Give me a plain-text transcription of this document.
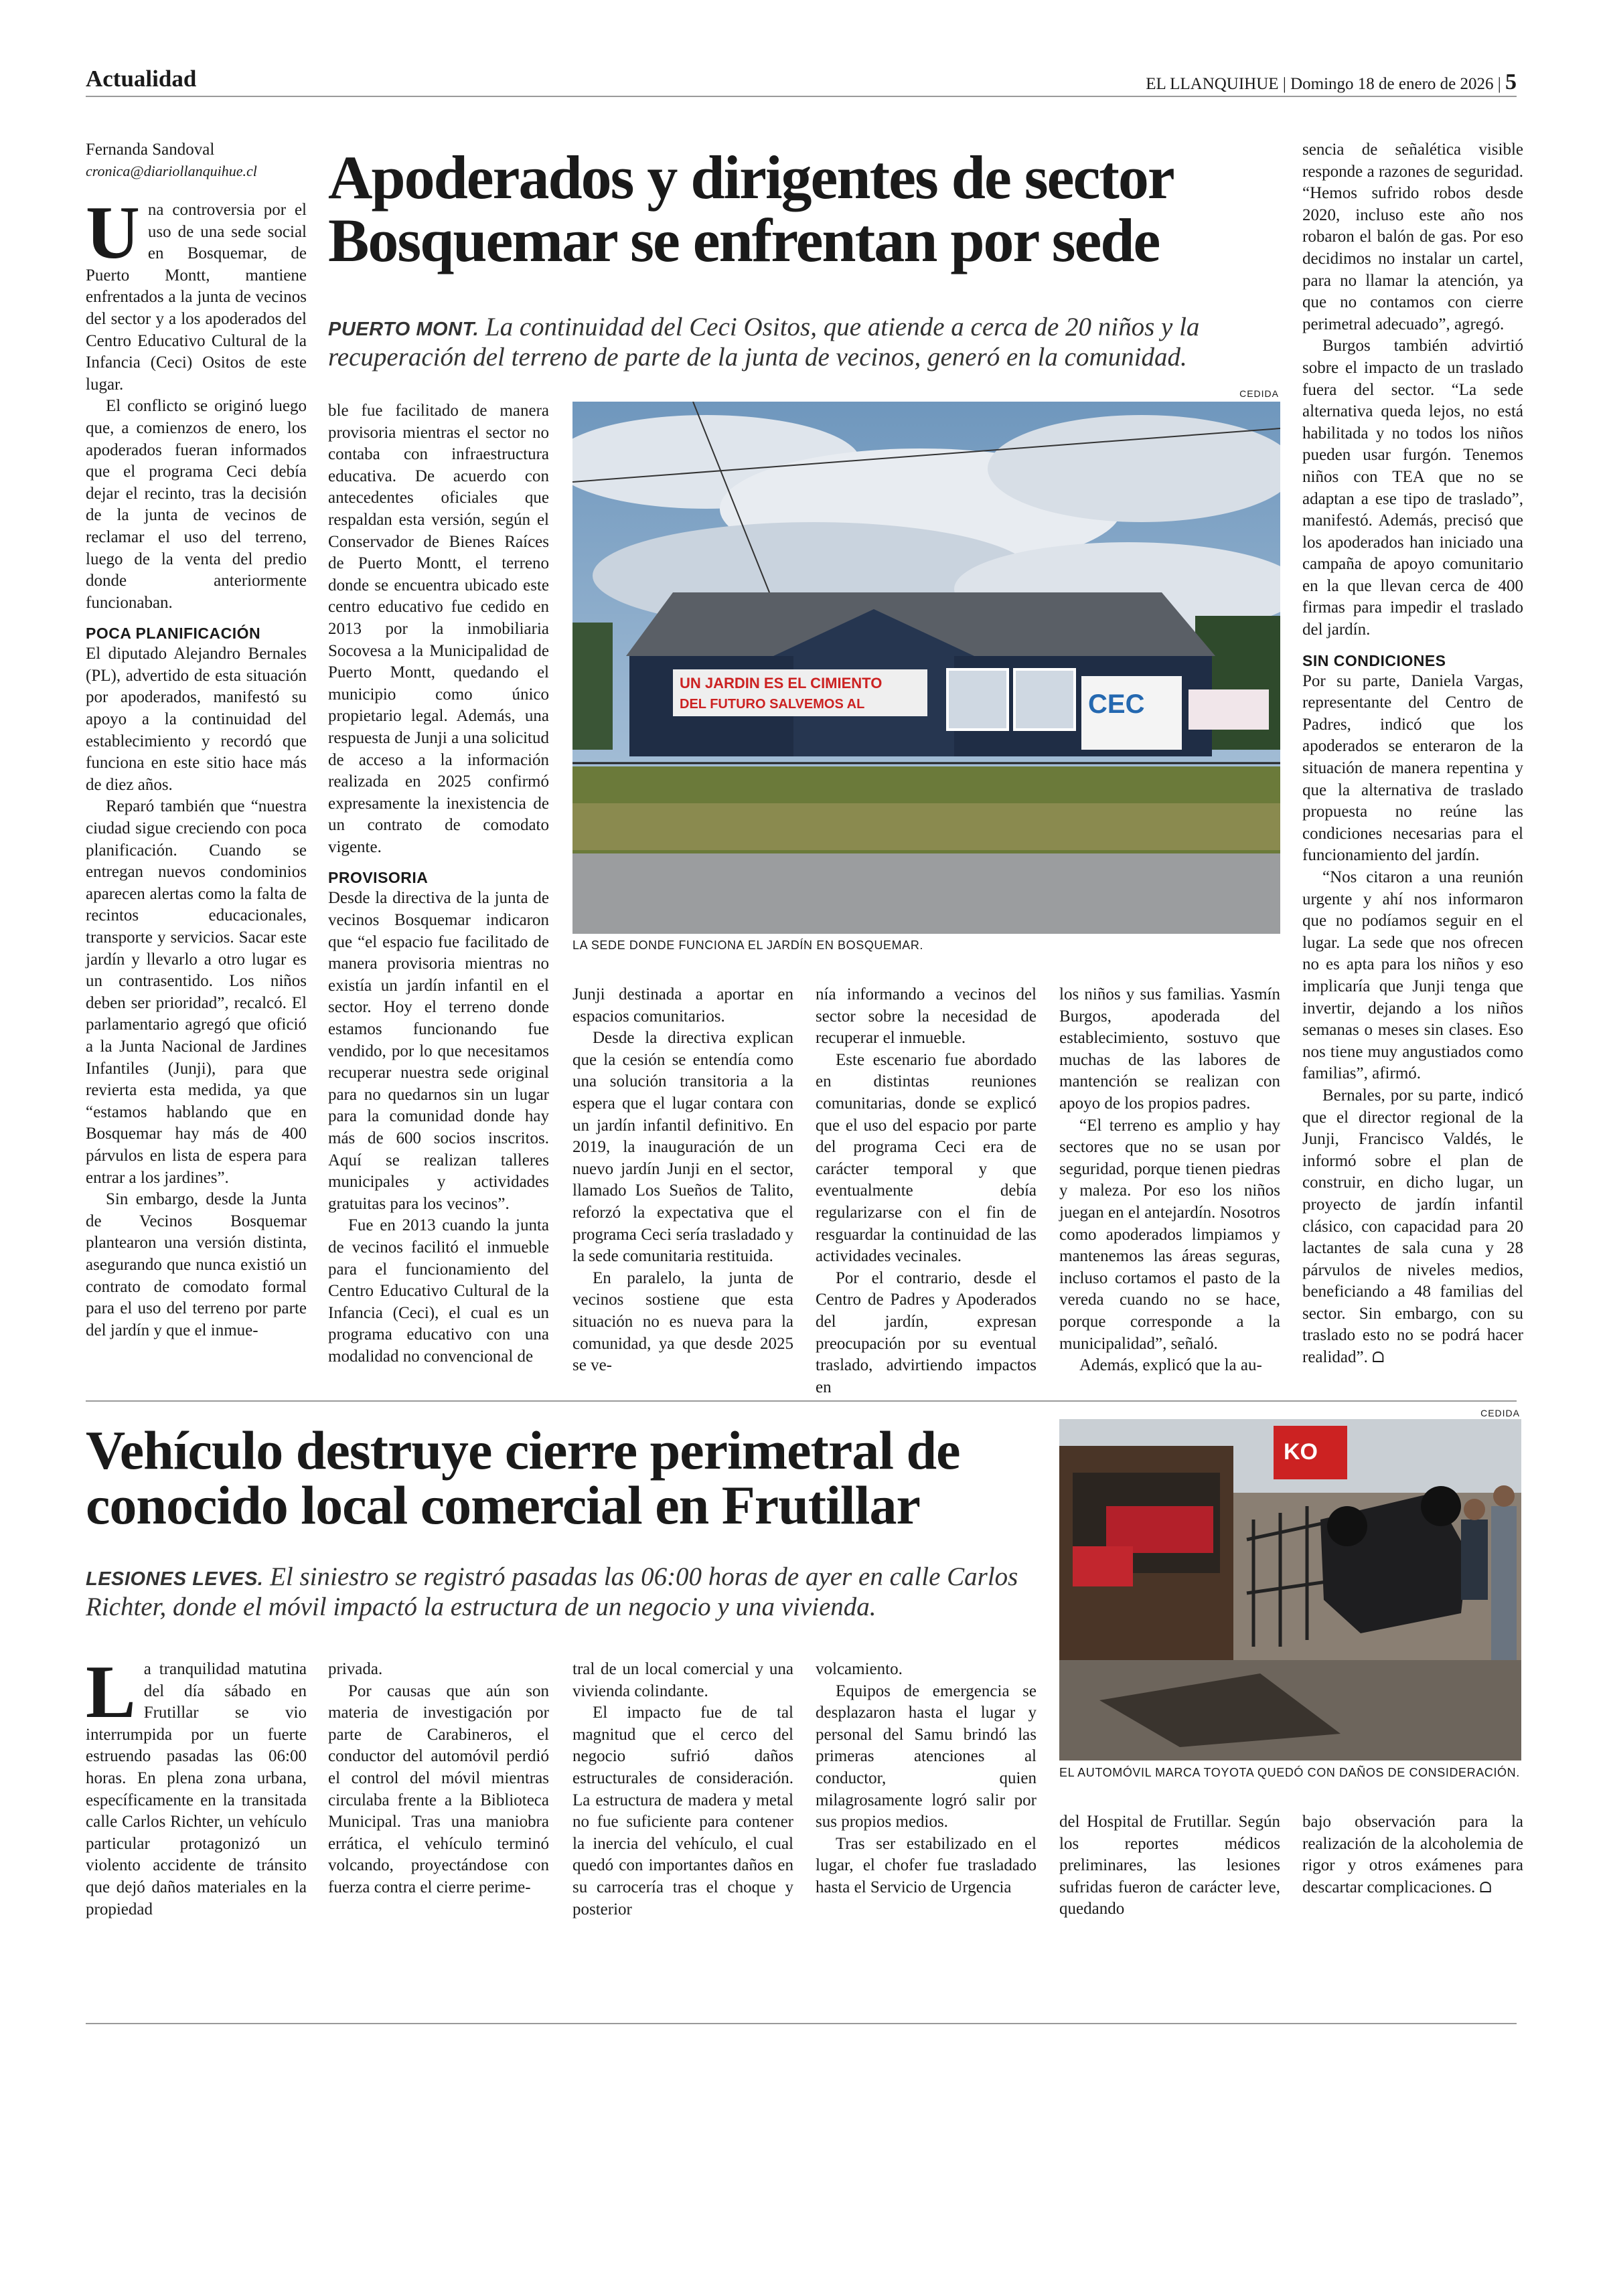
Actualidad	EL LLANQUIHUE | Domingo 18 de enero de 2026 | 5
Fernanda Sandoval
cronica@diariollanquihue.cl	Apoderados y dirigentes de sector
Bosquemar se enfrentan por sede
PUERTO MONT. La continuidad del Ceci Ositos, que atiende a cerca de 20 niños y la recuperación del terreno de parte de la junta de vecinos, generó en la comunidad.
CEDIDA
UN JARDIN ES EL CIMIENTO
DEL FUTURO SALVEMOS AL	CEC
LA SEDE DONDE FUNCIONA EL JARDÍN EN BOSQUEMAR.

Una controversia por el uso de una sede social en Bosquemar, de Puerto Montt, mantiene enfrentados a la junta de vecinos del sector y a los apoderados del Centro Educativo Cultural de la Infancia (Ceci) Ositos de este lugar.

El conflicto se originó luego que, a comienzos de enero, los apoderados fueran informados que el programa Ceci debía dejar el recinto, tras la decisión de la junta de vecinos de reclamar el uso del terreno, luego de la venta del predio donde anteriormente funcionaban.

POCA PLANIFICACIÓN

El diputado Alejandro Bernales (PL), advertido de esta situación por apoderados, manifestó su apoyo a la continuidad del establecimiento y recordó que funciona en este sitio hace más de diez años.

Reparó también que “nuestra ciudad sigue creciendo con poca planificación. Cuando se entregan nuevos condominios aparecen alertas como la falta de recintos educacionales, transporte y servicios. Sacar este jardín y llevarlo a otro lugar es un contrasentido. Los niños deben ser prioridad”, recalcó. El parlamentario agregó que ofició a la Junta Nacional de Jardines Infantiles (Junji), para que revierta esta medida, ya que “estamos hablando que en Bosquemar hay más de 400 párvulos en lista de espera para entrar a los jardines”.

Sin embargo, desde la Junta de Vecinos Bosquemar plantearon una versión distinta, asegurando que nunca existió un contrato de comodato formal para el uso del terreno por parte del jardín y que el inmue-

ble fue facilitado de manera provisoria mientras el sector no contaba con infraestructura educativa. De acuerdo con antecedentes oficiales que respaldan esta versión, según el Conservador de Bienes Raíces de Puerto Montt, el terreno donde se encuentra ubicado este centro educativo fue cedido en 2013 por la inmobiliaria Socovesa a la Municipalidad de Puerto Montt, quedando el municipio como único propietario legal. Además, una respuesta de Junji a una solicitud de acceso a la información realizada en 2025 confirmó expresamente la inexistencia de un contrato de comodato vigente.

PROVISORIA

Desde la directiva de la junta de vecinos Bosquemar indicaron que “el espacio fue facilitado de manera provisoria mientras no existía un jardín infantil en el sector. Hoy el terreno donde estamos funcionando fue vendido, por lo que necesitamos recuperar nuestra sede original para no quedarnos sin un lugar para la comunidad donde hay más de 600 socios inscritos. Aquí se realizan talleres municipales y actividades gratuitas para los vecinos”.

Fue en 2013 cuando la junta de vecinos facilitó el inmueble para el funcionamiento del Centro Educativo Cultural de la Infancia (Ceci), el cual es un programa educativo con una modalidad no convencional de

Junji destinada a aportar en espacios comunitarios.

Desde la directiva explican que la cesión se entendía como una solución transitoria a la espera que el lugar contara con un jardín infantil definitivo. En 2019, la inauguración de un nuevo jardín Junji en el sector, llamado Los Sueños de Talito, reforzó la expectativa que el programa Ceci sería trasladado y la sede comunitaria restituida.

En paralelo, la junta de vecinos sostiene que esta situación no es nueva para la comunidad, ya que desde 2025 se ve-

nía informando a vecinos del sector sobre la necesidad de recuperar el inmueble.

Este escenario fue abordado en distintas reuniones comunitarias, donde se explicó que el uso del espacio por parte del programa Ceci era de carácter temporal y que eventualmente debía regularizarse con el fin de resguardar la continuidad de las actividades vecinales.

Por el contrario, desde el Centro de Padres y Apoderados del jardín, expresan preocupación por su eventual traslado, advirtiendo impactos en

los niños y sus familias. Yasmín Burgos, apoderada del establecimiento, sostuvo que muchas de las labores de mantención se realizan con apoyo de los propios padres.

“El terreno es amplio y hay sectores que no se usan por seguridad, porque tienen piedras y maleza. Por eso los niños juegan en el antejardín. Nosotros como apoderados limpiamos y mantenemos las áreas seguras, incluso cortamos el pasto de la vereda cuando no se hace, porque corresponde a la municipalidad”, señaló.

Además, explicó que la au-

sencia de señalética visible responde a razones de seguridad. “Hemos sufrido robos desde 2020, incluso este año nos robaron el balón de gas. Por eso decidimos no instalar un cartel, para no llamar la atención, ya que no contamos con cierre perimetral adecuado”, agregó.

Burgos también advirtió sobre el impacto de un traslado fuera del sector. “La sede alternativa queda lejos, no está habilitada y no todos los niños pueden usar furgón. Tenemos niños con TEA que no se adaptan a ese tipo de traslado”, manifestó. Además, precisó que los apoderados han iniciado una campaña de apoyo comunitario en la que llevan cerca de 400 firmas para impedir el traslado del jardín.

SIN CONDICIONES

Por su parte, Daniela Vargas, representante del Centro de Padres, indicó que los apoderados se enteraron de la situación de manera repentina y que la alternativa de traslado propuesta no reúne las condiciones necesarias para el funcionamiento del jardín.

“Nos citaron a una reunión urgente y ahí nos informaron que no podíamos seguir en el lugar. La sede que nos ofrecen no es apta para los niños y eso implicaría que Junji tenga que invertir, dejando a los niños semanas o meses sin clases. Eso nos tiene muy angustiados como familias”, afirmó.

Bernales, por su parte, indicó que el director regional de la Junji, Francisco Valdés, le informó sobre el plan de construir, en dicho lugar, un proyecto de jardín infantil clásico, con capacidad para 20 lactantes de sala cuna y 28 párvulos de niveles medios, beneficiando a 48 familias del sector. Sin embargo, con su traslado esto no se podrá hacer realidad”. ᗝ

Vehículo destruye cierre perimetral de
conocido local comercial en Frutillar
LESIONES LEVES. El siniestro se registró pasadas las 06:00 horas de ayer en calle Carlos Richter, donde el móvil impactó la estructura de un negocio y una vivienda.
CEDIDA
KO
EL AUTOMÓVIL MARCA TOYOTA QUEDÓ CON DAÑOS DE CONSIDERACIÓN.

La tranquilidad matutina del día sábado en Frutillar se vio interrumpida por un fuerte estruendo pasadas las 06:00 horas. En plena zona urbana, específicamente en la transitada calle Carlos Richter, un vehículo particular protagonizó un violento accidente de tránsito que dejó daños materiales en la propiedad

privada.

Por causas que aún son materia de investigación por parte de Carabineros, el conductor del automóvil perdió el control del móvil mientras circulaba frente a la Biblioteca Municipal. Tras una maniobra errática, el vehículo terminó volcando, proyectándose con fuerza contra el cierre perime-

tral de un local comercial y una vivienda colindante.

El impacto fue de tal magnitud que el cerco del negocio sufrió daños estructurales de consideración. La estructura de madera y metal no fue suficiente para contener la inercia del vehículo, el cual quedó con importantes daños en su carrocería tras el choque y posterior

volcamiento.

Equipos de emergencia se desplazaron hasta el lugar y personal del Samu brindó las primeras atenciones al conductor, quien milagrosamente logró salir por sus propios medios.

Tras ser estabilizado en el lugar, el chofer fue trasladado hasta el Servicio de Urgencia

del Hospital de Frutillar. Según los reportes médicos preliminares, las lesiones sufridas fueron de carácter leve, quedando

bajo observación para la realización de la alcoholemia de rigor y otros exámenes para descartar complicaciones. ᗝ
